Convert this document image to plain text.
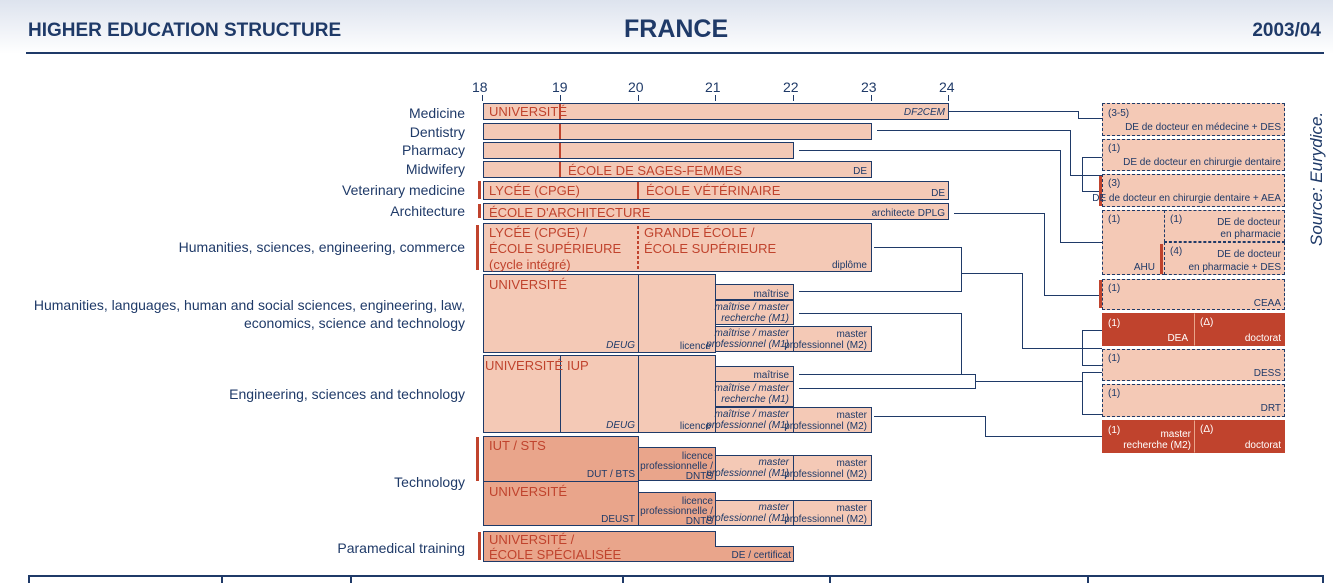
HIGHER EDUCATION STRUCTURE	FRANCE	2003/04
Source: Eurydice.
18	19	20	21	22	23	24
Medicine
Dentistry
Pharmacy
Midwifery
Veterinary medicine
Architecture
Humanities, sciences, engineering, commerce
Humanities, languages, human and social sciences, engineering, law,
economics, science and technology
Engineering, sciences and technology
Technology
Paramedical training
UNIVERSITÉ	DF2CEM
ÉCOLE DE SAGES-FEMMES	DE
LYCÉE (CPGE)	ÉCOLE VÉTÉRINAIRE	DE
ÉCOLE D'ARCHITECTURE	architecte DPLG
LYCÉE (CPGE) /
ÉCOLE SUPÉRIEURE
(cycle intégré)
GRANDE ÉCOLE /
ÉCOLE SUPÉRIEURE
diplôme
UNIVERSITÉ
DEUG	licence
maîtrise
maîtrise / master
recherche (M1)
maîtrise / master
professionnel (M1)
master
professionnel (M2)
UNIVERSITÉ IUP
DEUG	licence
maîtrise
maîtrise / master
recherche (M1)
maîtrise / master
professionnel (M1)
master
professionnel (M2)
IUT / STS
DUT / BTS
licence
professionnelle /
DNTS
master
professionnel (M1)
master
professionnel (M2)
UNIVERSITÉ
DEUST
licence
professionnelle /
DNTS
master
professionnel (M1)
master
professionnel (M2)
UNIVERSITÉ /
ÉCOLE SPÉCIALISÉE	DE / certificat
(3-5)
DE de docteur en médecine + DES
(1)
DE de docteur en chirurgie dentaire
(3)
DE de docteur en chirurgie dentaire + AEA
(1)
AHU
(1)	DE de docteur
en pharmacie
(4)	DE de docteur
en pharmacie + DES
(1)
CEAA
(1)
DEA
(Δ)
doctorat
(1)
DESS
(1)
DRT
(1)	master
recherche (M2)
(Δ)
doctorat
